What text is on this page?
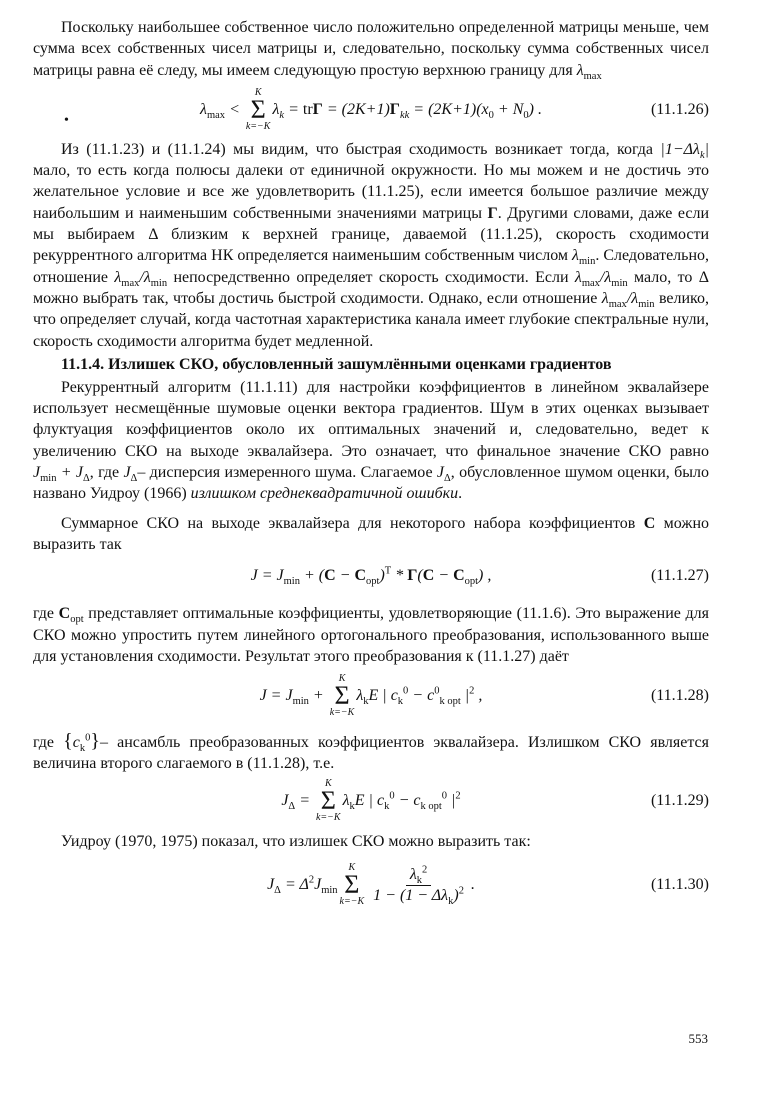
•

Поскольку наибольшее собственное число положительно определенной матрицы меньше, чем сумма всех собственных чисел матрицы и, следовательно, поскольку сумма собственных чисел матрицы равна её следу, мы имеем следующую простую верхнюю границу для $\lambda_{max}$

$\lambda_{max}$ <
K
Σ
k=−K
$\lambda_k = tr\Gamma = (2K+1)\Gamma_{kk} = (2K+1)(x_0 + N_0)$ .	(11.1.26)

Из (11.1.23) и (11.1.24) мы видим, что быстрая сходимость возникает тогда, когда $|1-\Delta\lambda_k|$ мало, то есть когда полюсы далеки от единичной окружности. Но мы можем и не достичь это желательное условие и все же удовлетворить (11.1.25), если имеется большое различие между наибольшим и наименьшим собственными значениями матрицы Γ. Другими словами, даже если мы выбираем Δ близким к верхней границе, даваемой (11.1.25), скорость сходимости рекуррентного алгоритма НК определяется наименьшим собственным числом $\lambda_{min}$. Следовательно, отношение $\lambda_{max}/\lambda_{min}$ непосредственно определяет скорость сходимости. Если $\lambda_{max}/\lambda_{min}$ мало, то Δ можно выбрать так, чтобы достичь быстрой сходимости. Однако, если отношение $\lambda_{max}/\lambda_{min}$ велико, что определяет случай, когда частотная характеристика канала имеет глубокие спектральные нули, скорость сходимости алгоритма будет медленной.

11.1.4. Излишек СКО, обусловленный зашумлёнными оценками градиентов

Рекуррентный алгоритм (11.1.11) для настройки коэффициентов в линейном эквалайзере использует несмещённые шумовые оценки вектора градиентов. Шум в этих оценках вызывает флуктуация коэффициентов около их оптимальных значений и, следовательно, ведет к увеличению СКО на выходе эквалайзера. Это означает, что финальное значение СКО равно $J_{min} + J_\Delta$, где $J_\Delta-$ дисперсия измеренного шума. Слагаемое $J_\Delta$, обусловленное шумом оценки, было названо Уидроу (1966) излишком среднеквадратичной ошибки.

Суммарное СКО на выходе эквалайзера для некоторого набора коэффициентов C можно выразить так

$J = J_{min} + (C - C_{opt})^T * \Gamma(C - C_{opt})$ ,	(11.1.27)

где $C_{opt}$ представляет оптимальные коэффициенты, удовлетворяющие (11.1.6). Это выражение для СКО можно упростить путем линейного ортогонального преобразования, использованного выше для установления сходимости. Результат этого преобразования к (11.1.27) даёт

$J = J_{min}$ +
K
Σ
k=−K
$\lambda_kE$ | $c_k^0 - c^0_{k opt}$ $|^2$ ,	(11.1.28)

где $\{c_k^0\}-$ ансамбль преобразованных коэффициентов эквалайзера. Излишком СКО является величина второго слагаемого в (11.1.28), т.е.

$J_\Delta$ =
K
Σ
k=−K
$\lambda_kE$ | $c_k^0 - c_{k opt}^0$ $|^2$	(11.1.29)

Уидроу (1970, 1975) показал, что излишек СКО можно выразить так:

$J_\Delta = \Delta^2J_{min}$
K
Σ
$k=-K \frac{\lambda_k^2}{1 - (1 - \Delta\lambda_k)^2}$ .	(11.1.30)
553
